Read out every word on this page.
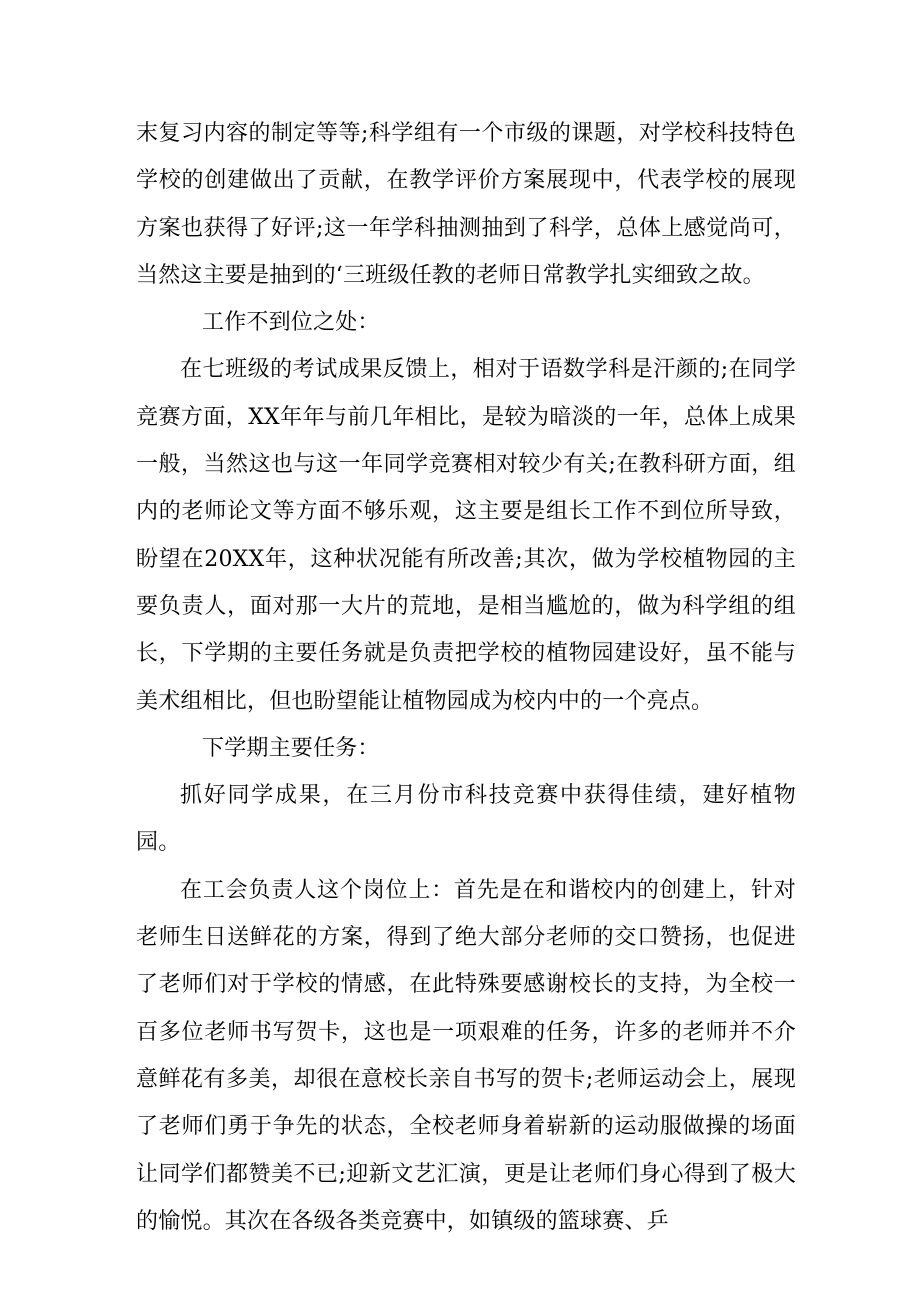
末复习内容的制定等等;科学组有一个市级的课题，对学校科技特色学校的创建做出了贡献，在教学评价方案展现中，代表学校的展现方案也获得了好评;这一年学科抽测抽到了科学，总体上感觉尚可，当然这主要是抽到的‘三班级任教的老师日常教学扎实细致之故。

工作不到位之处：

在七班级的考试成果反馈上，相对于语数学科是汗颜的;在同学竞赛方面，XX年年与前几年相比，是较为暗淡的一年，总体上成果一般，当然这也与这一年同学竞赛相对较少有关;在教科研方面，组内的老师论文等方面不够乐观，这主要是组长工作不到位所导致，盼望在20XX年，这种状况能有所改善;其次，做为学校植物园的主要负责人，面对那一大片的荒地，是相当尴尬的，做为科学组的组长，下学期的主要任务就是负责把学校的植物园建设好，虽不能与美术组相比，但也盼望能让植物园成为校内中的一个亮点。

下学期主要任务：

抓好同学成果，在三月份市科技竞赛中获得佳绩，建好植物园。

在工会负责人这个岗位上：首先是在和谐校内的创建上，针对老师生日送鲜花的方案，得到了绝大部分老师的交口赞扬，也促进了老师们对于学校的情感，在此特殊要感谢校长的支持，为全校一百多位老师书写贺卡，这也是一项艰难的任务，许多的老师并不介意鲜花有多美，却很在意校长亲自书写的贺卡;老师运动会上，展现了老师们勇于争先的状态，全校老师身着崭新的运动服做操的场面让同学们都赞美不已;迎新文艺汇演，更是让老师们身心得到了极大的愉悦。其次在各级各类竞赛中，如镇级的篮球赛、乒
